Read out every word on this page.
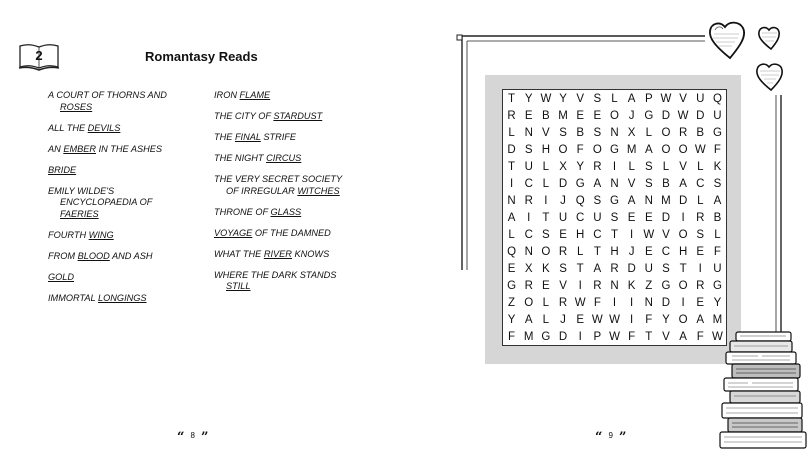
2	Romantasy Reads
A COURT OF THORNS AND
ROSES
ALL THE DEVILS
AN EMBER IN THE ASHES
BRIDE
EMILY WILDE'S
ENCYCLOPAEDIA OF
FAERIES
FOURTH WING
FROM BLOOD AND ASH
GOLD
IMMORTAL LONGINGS
IRON FLAME
THE CITY OF STARDUST
THE FINAL STRIFE
THE NIGHT CIRCUS
THE VERY SECRET SOCIETY
OF IRREGULAR WITCHES
THRONE OF GLASS
VOYAGE OF THE DAMNED
WHAT THE RIVER KNOWS
WHERE THE DARK STANDS
STILL
“ 8 ”
T Y W Y V S L A P W V U Q
R E B M E E O J G D W D U
L N V S B S N X L O R B G
D S H O F O G M A O O W F
T U L X Y R I	L S L V L K
I C L D G A N V S B A C S
N R I	J Q S G A N M D L A
A	I	T U C U S E E D I R B
L C S E H C T	I W V O S L
Q N O R L T H J E C H E F
E X K S T A R D U S T	I U
G R E V	I R N K Z G O R G
Z O L R W F	I	I N D I	E Y
Y A L J E W W I	F Y O A M
F M G D I	P W F T V A F W
“ 9 ”
